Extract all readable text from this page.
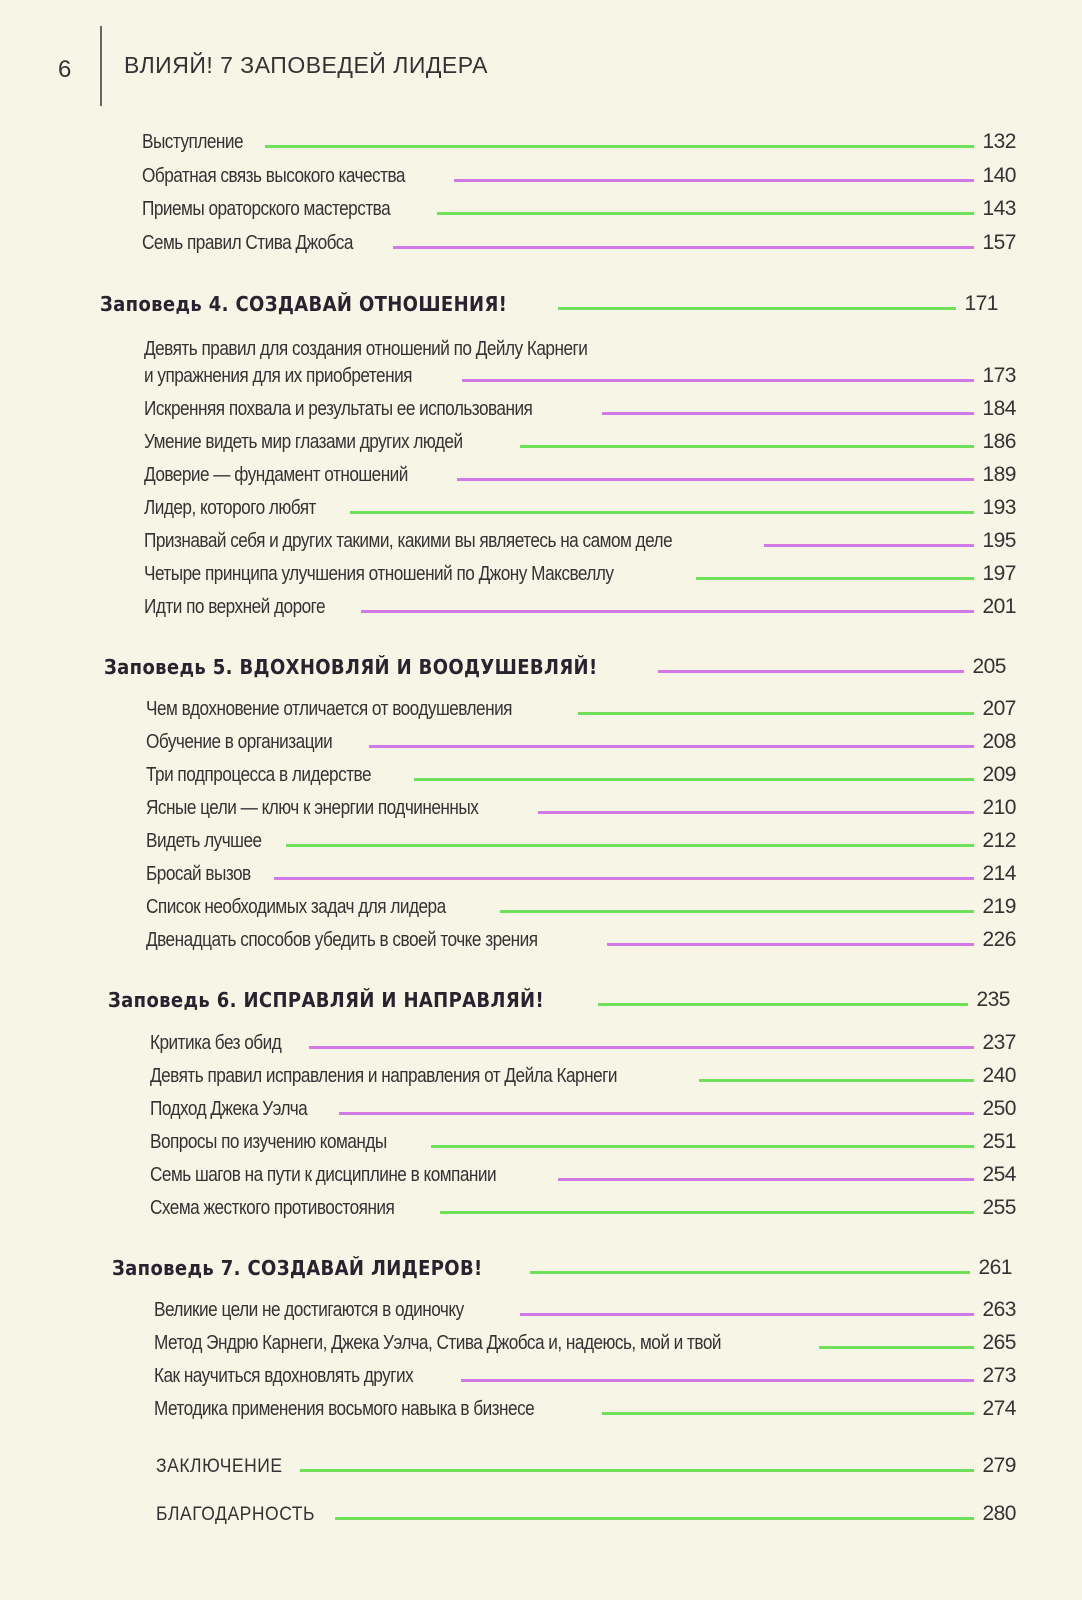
6 ВЛИЯЙ! 7 ЗАПОВЕДЕЙ ЛИДЕРА
Выступление	132
Обратная связь высокого качества	140
Приемы ораторского мастерства	143
Семь правил Стива Джобса	157
Заповедь 4. СОЗДАВАЙ ОТНОШЕНИЯ!	171
Девять правил для создания отношений по Дейлу Карнеги
и упражнения для их приобретения	173
Искренняя похвала и результаты ее использования	184
Умение видеть мир глазами других людей	186
Доверие — фундамент отношений	189
Лидер, которого любят	193
Признавай себя и других такими, какими вы являетесь на самом деле	195
Четыре принципа улучшения отношений по Джону Максвеллу	197
Идти по верхней дороге	201
Заповедь 5. ВДОХНОВЛЯЙ И ВООДУШЕВЛЯЙ!	205
Чем вдохновение отличается от воодушевления	207
Обучение в организации	208
Три подпроцесса в лидерстве	209
Ясные цели — ключ к энергии подчиненных	210
Видеть лучшее	212
Бросай вызов	214
Список необходимых задач для лидера	219
Двенадцать способов убедить в своей точке зрения	226
Заповедь 6. ИСПРАВЛЯЙ И НАПРАВЛЯЙ!	235
Критика без обид	237
Девять правил исправления и направления от Дейла Карнеги	240
Подход Джека Уэлча	250
Вопросы по изучению команды	251
Семь шагов на пути к дисциплине в компании	254
Схема жесткого противостояния	255
Заповедь 7. СОЗДАВАЙ ЛИДЕРОВ!	261
Великие цели не достигаются в одиночку	263
Метод Эндрю Карнеги, Джека Уэлча, Стива Джобса и, надеюсь, мой и твой	265
Как научиться вдохновлять других	273
Методика применения восьмого навыка в бизнесе	274
ЗАКЛЮЧЕНИЕ	279
БЛАГОДАРНОСТЬ	280
